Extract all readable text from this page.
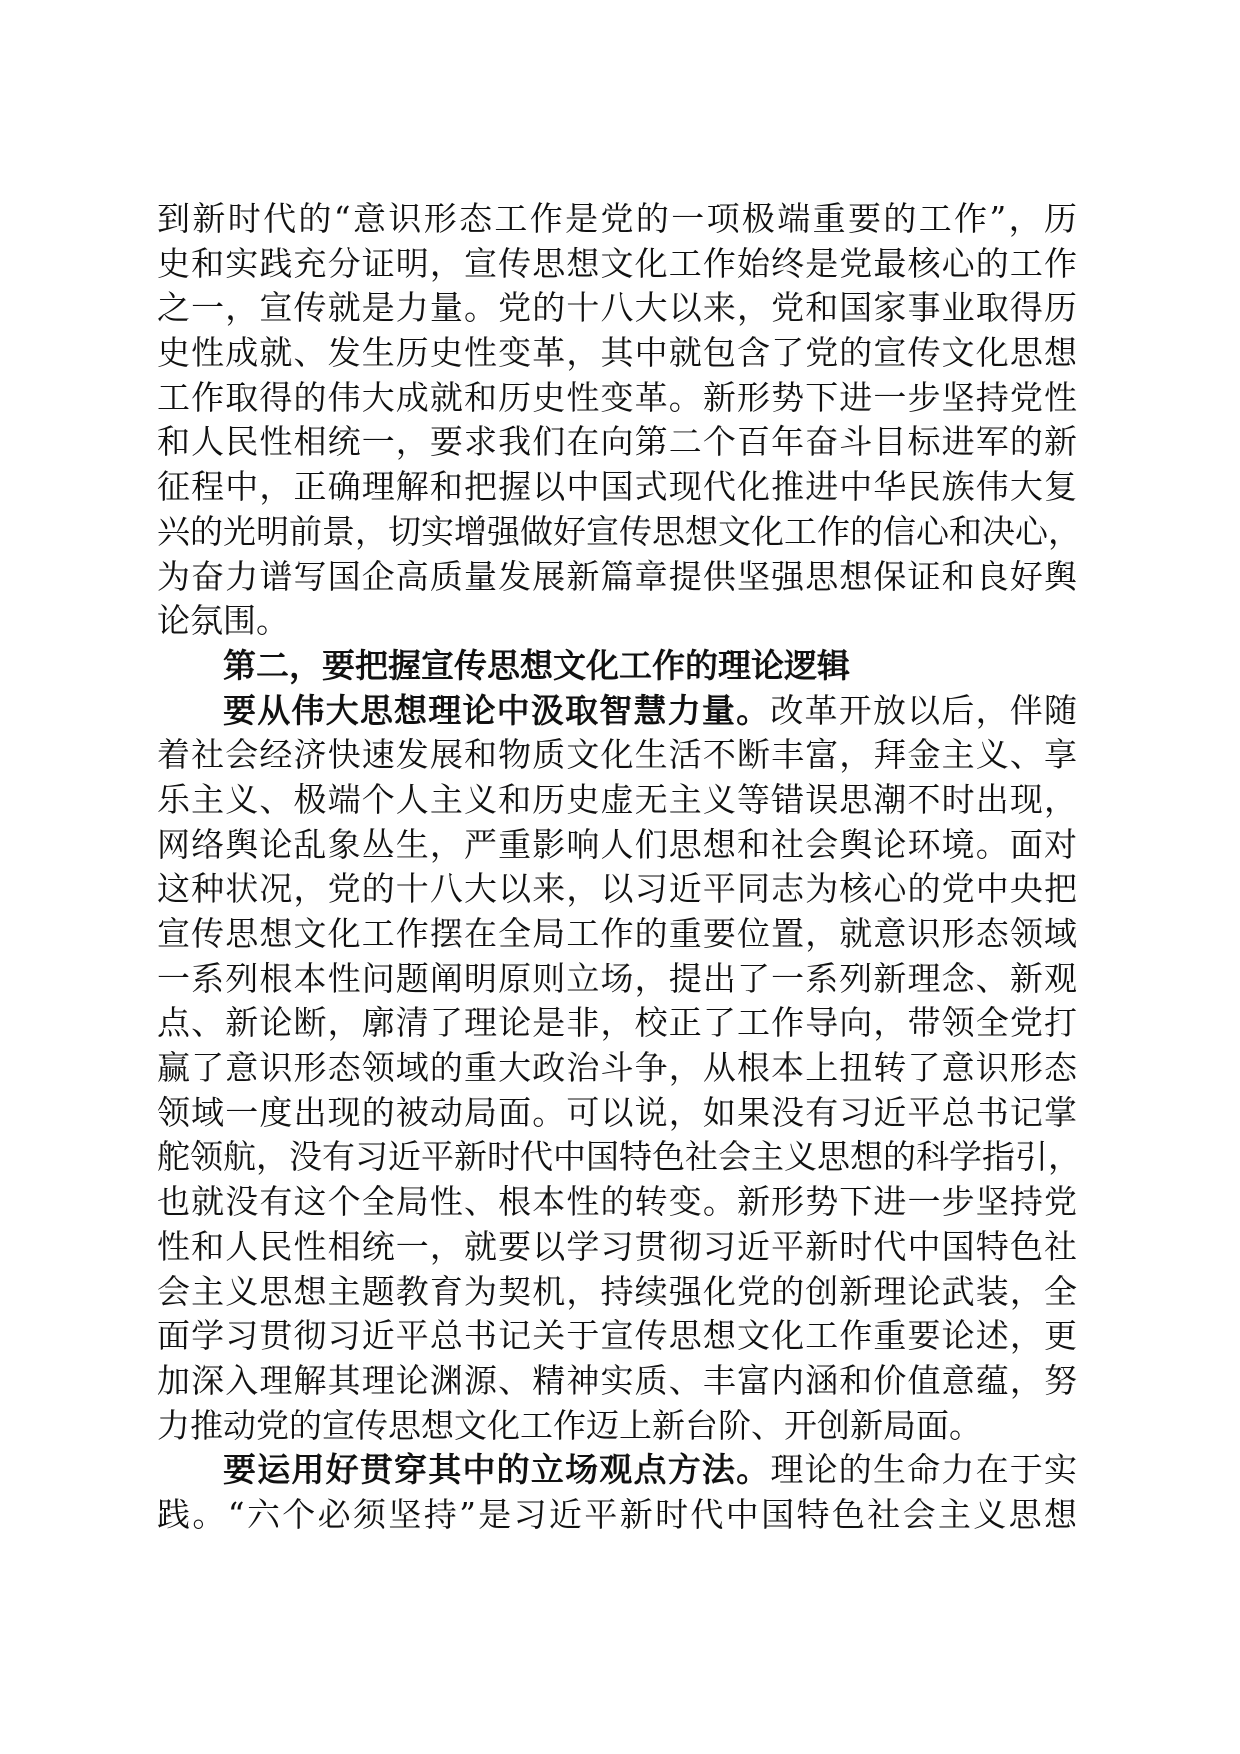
到新时代的“意识形态工作是党的一项极端重要的工作”，历
史和实践充分证明，宣传思想文化工作始终是党最核心的工作
之一，宣传就是力量。党的十八大以来，党和国家事业取得历
史性成就、发生历史性变革，其中就包含了党的宣传文化思想
工作取得的伟大成就和历史性变革。新形势下进一步坚持党性
和人民性相统一，要求我们在向第二个百年奋斗目标进军的新
征程中，正确理解和把握以中国式现代化推进中华民族伟大复
兴的光明前景，切实增强做好宣传思想文化工作的信心和决心，
为奋力谱写国企高质量发展新篇章提供坚强思想保证和良好舆
论氛围。
第二，要把握宣传思想文化工作的理论逻辑
要从伟大思想理论中汲取智慧力量。改革开放以后，伴随
着社会经济快速发展和物质文化生活不断丰富，拜金主义、享
乐主义、极端个人主义和历史虚无主义等错误思潮不时出现，
网络舆论乱象丛生，严重影响人们思想和社会舆论环境。面对
这种状况，党的十八大以来，以习近平同志为核心的党中央把
宣传思想文化工作摆在全局工作的重要位置，就意识形态领域
一系列根本性问题阐明原则立场，提出了一系列新理念、新观
点、新论断，廓清了理论是非，校正了工作导向，带领全党打
赢了意识形态领域的重大政治斗争，从根本上扭转了意识形态
领域一度出现的被动局面。可以说，如果没有习近平总书记掌
舵领航，没有习近平新时代中国特色社会主义思想的科学指引，
也就没有这个全局性、根本性的转变。新形势下进一步坚持党
性和人民性相统一，就要以学习贯彻习近平新时代中国特色社
会主义思想主题教育为契机，持续强化党的创新理论武装，全
面学习贯彻习近平总书记关于宣传思想文化工作重要论述，更
加深入理解其理论渊源、精神实质、丰富内涵和价值意蕴，努
力推动党的宣传思想文化工作迈上新台阶、开创新局面。
要运用好贯穿其中的立场观点方法。理论的生命力在于实
践。“六个必须坚持”是习近平新时代中国特色社会主义思想
